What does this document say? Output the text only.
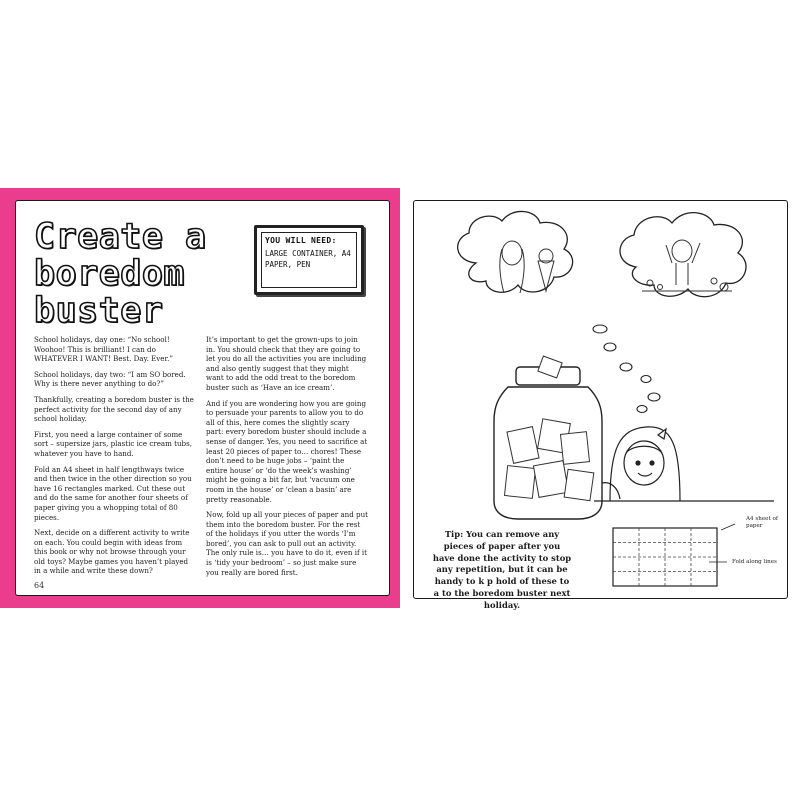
Create a boredom buster
YOU WILL NEED:
LARGE CONTAINER, A4 PAPER, PEN

School holidays, day one: “No school! Woohoo! This is brilliant! I can do WHATEVER I WANT! Best. Day. Ever.”

School holidays, day two: “I am SO bored. Why is there never anything to do?”

Thankfully, creating a boredom buster is the perfect activity for the second day of any school holiday.

First, you need a large container of some sort – supersize jars, plastic ice cream tubs, whatever you have to hand.

Fold an A4 sheet in half lengthways twice and then twice in the other direction so you have 16 rectangles marked. Cut these out and do the same for another four sheets of paper giving you a whopping total of 80 pieces.

Next, decide on a different activity to write on each. You could begin with ideas from this book or why not browse through your old toys? Maybe games you haven’t played in a while and write these down?

It’s important to get the grown-ups to join in. You should check that they are going to let you do all the activities you are including and also gently suggest that they might want to add the odd treat to the boredom buster such as ‘Have an ice cream’.

And if you are wondering how you are going to persuade your parents to allow you to do all of this, here comes the slightly scary part: every boredom buster should include a sense of danger. Yes, you need to sacrifice at least 20 pieces of paper to… chores! These don’t need to be huge jobs – ‘paint the entire house’ or ‘do the week’s washing’ might be going a bit far, but ‘vacuum one room in the house’ or ‘clean a basin’ are pretty reasonable.

Now, fold up all your pieces of paper and put them into the boredom buster. For the rest of the holidays if you utter the words ‘I’m bored’, you can ask to pull out an activity. The only rule is… you have to do it, even if it is ‘tidy your bedroom’ – so just make sure you really are bored first.

64
Tip: You can remove any pieces of paper after you have done the activity to stop any repetition, but it can be handy to k p hold of these to a to the boredom buster next holiday.
A4 sheet of paper
Fold along lines
